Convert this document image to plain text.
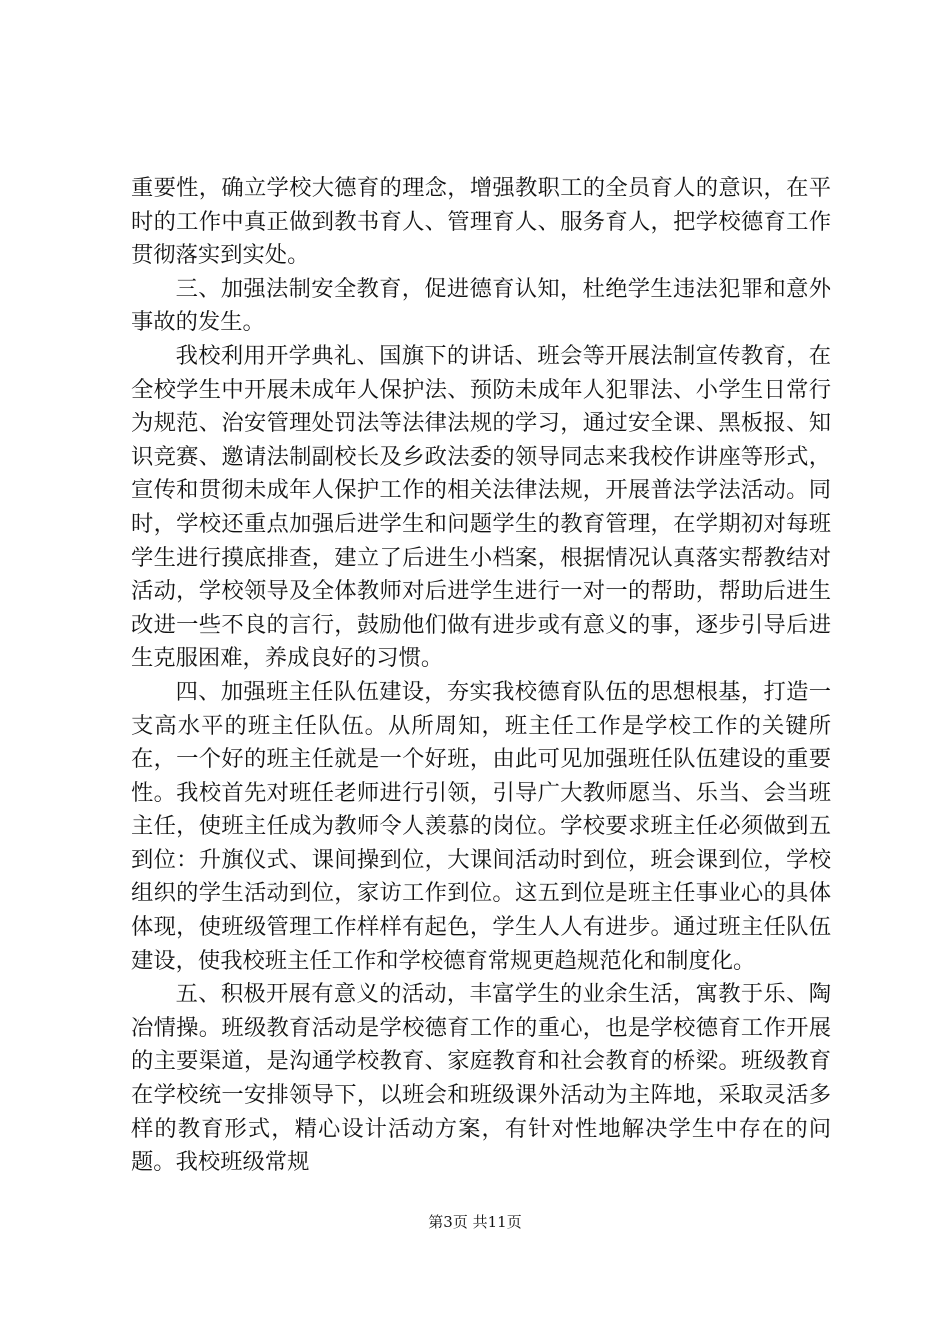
重要性，确立学校大德育的理念，增强教职工的全员育人的意识，在平时的工作中真正做到教书育人、管理育人、服务育人，把学校德育工作贯彻落实到实处。

三、加强法制安全教育，促进德育认知，杜绝学生违法犯罪和意外事故的发生。

我校利用开学典礼、国旗下的讲话、班会等开展法制宣传教育，在全校学生中开展未成年人保护法、预防未成年人犯罪法、小学生日常行为规范、治安管理处罚法等法律法规的学习，通过安全课、黑板报、知识竞赛、邀请法制副校长及乡政法委的领导同志来我校作讲座等形式，宣传和贯彻未成年人保护工作的相关法律法规，开展普法学法活动。同时，学校还重点加强后进学生和问题学生的教育管理，在学期初对每班学生进行摸底排查，建立了后进生小档案，根据情况认真落实帮教结对活动，学校领导及全体教师对后进学生进行一对一的帮助，帮助后进生改进一些不良的言行，鼓励他们做有进步或有意义的事，逐步引导后进生克服困难，养成良好的习惯。

四、加强班主任队伍建设，夯实我校德育队伍的思想根基，打造一支高水平的班主任队伍。从所周知，班主任工作是学校工作的关键所在，一个好的班主任就是一个好班，由此可见加强班任队伍建设的重要性。我校首先对班任老师进行引领，引导广大教师愿当、乐当、会当班主任，使班主任成为教师令人羡慕的岗位。学校要求班主任必须做到五到位：升旗仪式、课间操到位，大课间活动时到位，班会课到位，学校组织的学生活动到位，家访工作到位。这五到位是班主任事业心的具体体现，使班级管理工作样样有起色，学生人人有进步。通过班主任队伍建设，使我校班主任工作和学校德育常规更趋规范化和制度化。

五、积极开展有意义的活动，丰富学生的业余生活，寓教于乐、陶冶情操。班级教育活动是学校德育工作的重心，也是学校德育工作开展的主要渠道，是沟通学校教育、家庭教育和社会教育的桥梁。班级教育在学校统一安排领导下，以班会和班级课外活动为主阵地，采取灵活多样的教育形式，精心设计活动方案，有针对性地解决学生中存在的问题。我校班级常规

第3页 共11页
